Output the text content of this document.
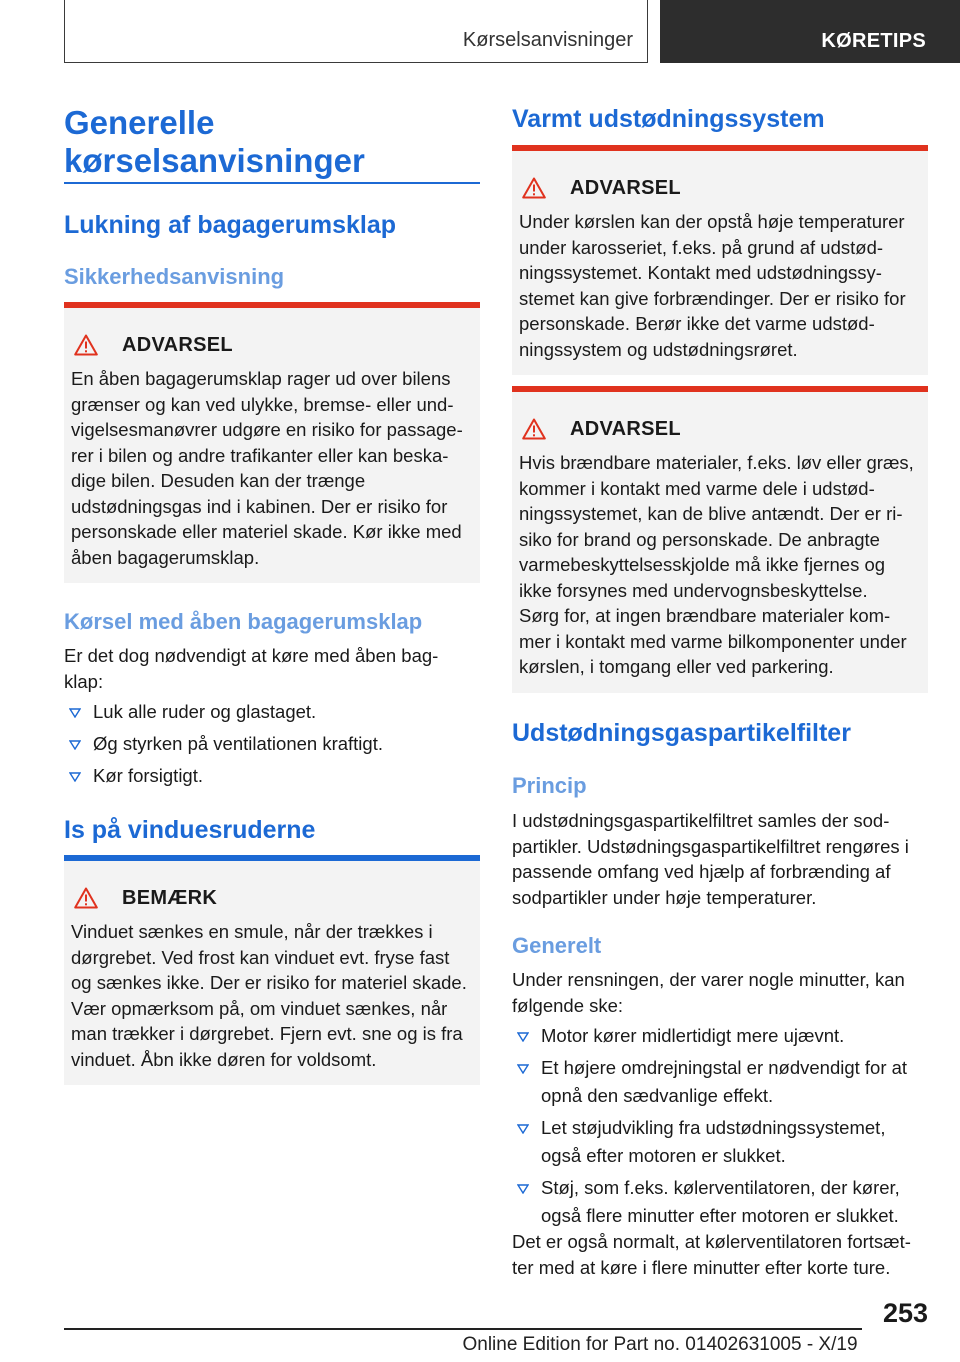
Kørselsanvisninger	KØRETIPS
Generelle
kørselsanvisninger
Lukning af bagagerumsklap
Sikkerhedsanvisning
ADVARSEL
En åben bagagerumsklap rager ud over bilens
grænser og kan ved ulykke, bremse- eller und-
vigelsesmanøvrer udgøre en risiko for passage-
rer i bilen og andre trafikanter eller kan beska-
dige bilen. Desuden kan der trænge
udstødningsgas ind i kabinen. Der er risiko for
personskade eller materiel skade. Kør ikke med
åben bagagerumsklap.
Kørsel med åben bagagerumsklap
Er det dog nødvendigt at køre med åben bag-
klap:
Luk alle ruder og glastaget.
Øg styrken på ventilationen kraftigt.
Kør forsigtigt.
Is på vinduesruderne
BEMÆRK
Vinduet sænkes en smule, når der trækkes i
dørgrebet. Ved frost kan vinduet evt. fryse fast
og sænkes ikke. Der er risiko for materiel skade.
Vær opmærksom på, om vinduet sænkes, når
man trækker i dørgrebet. Fjern evt. sne og is fra
vinduet. Åbn ikke døren for voldsomt.
Varmt udstødningssystem
ADVARSEL
Under kørslen kan der opstå høje temperaturer
under karosseriet, f.eks. på grund af udstød-
ningssystemet. Kontakt med udstødningssy-
stemet kan give forbrændinger. Der er risiko for
personskade. Berør ikke det varme udstød-
ningssystem og udstødningsrøret.
ADVARSEL
Hvis brændbare materialer, f.eks. løv eller græs,
kommer i kontakt med varme dele i udstød-
ningssystemet, kan de blive antændt. Der er ri-
siko for brand og personskade. De anbragte
varmebeskyttelsesskjolde må ikke fjernes og
ikke forsynes med undervognsbeskyttelse.
Sørg for, at ingen brændbare materialer kom-
mer i kontakt med varme bilkomponenter under
kørslen, i tomgang eller ved parkering.
Udstødningsgaspartikelfilter
Princip
I udstødningsgaspartikelfiltret samles der sod-
partikler. Udstødningsgaspartikelfiltret rengøres i
passende omfang ved hjælp af forbrænding af
sodpartikler under høje temperaturer.
Generelt
Under rensningen, der varer nogle minutter, kan
følgende ske:
Motor kører midlertidigt mere ujævnt.
Et højere omdrejningstal er nødvendigt for at
opnå den sædvanlige effekt.
Let støjudvikling fra udstødningssystemet,
også efter motoren er slukket.
Støj, som f.eks. kølerventilatoren, der kører,
også flere minutter efter motoren er slukket.
Det er også normalt, at kølerventilatoren fortsæt-
ter med at køre i flere minutter efter korte ture.
253
Online Edition for Part no. 01402631005 - X/19
